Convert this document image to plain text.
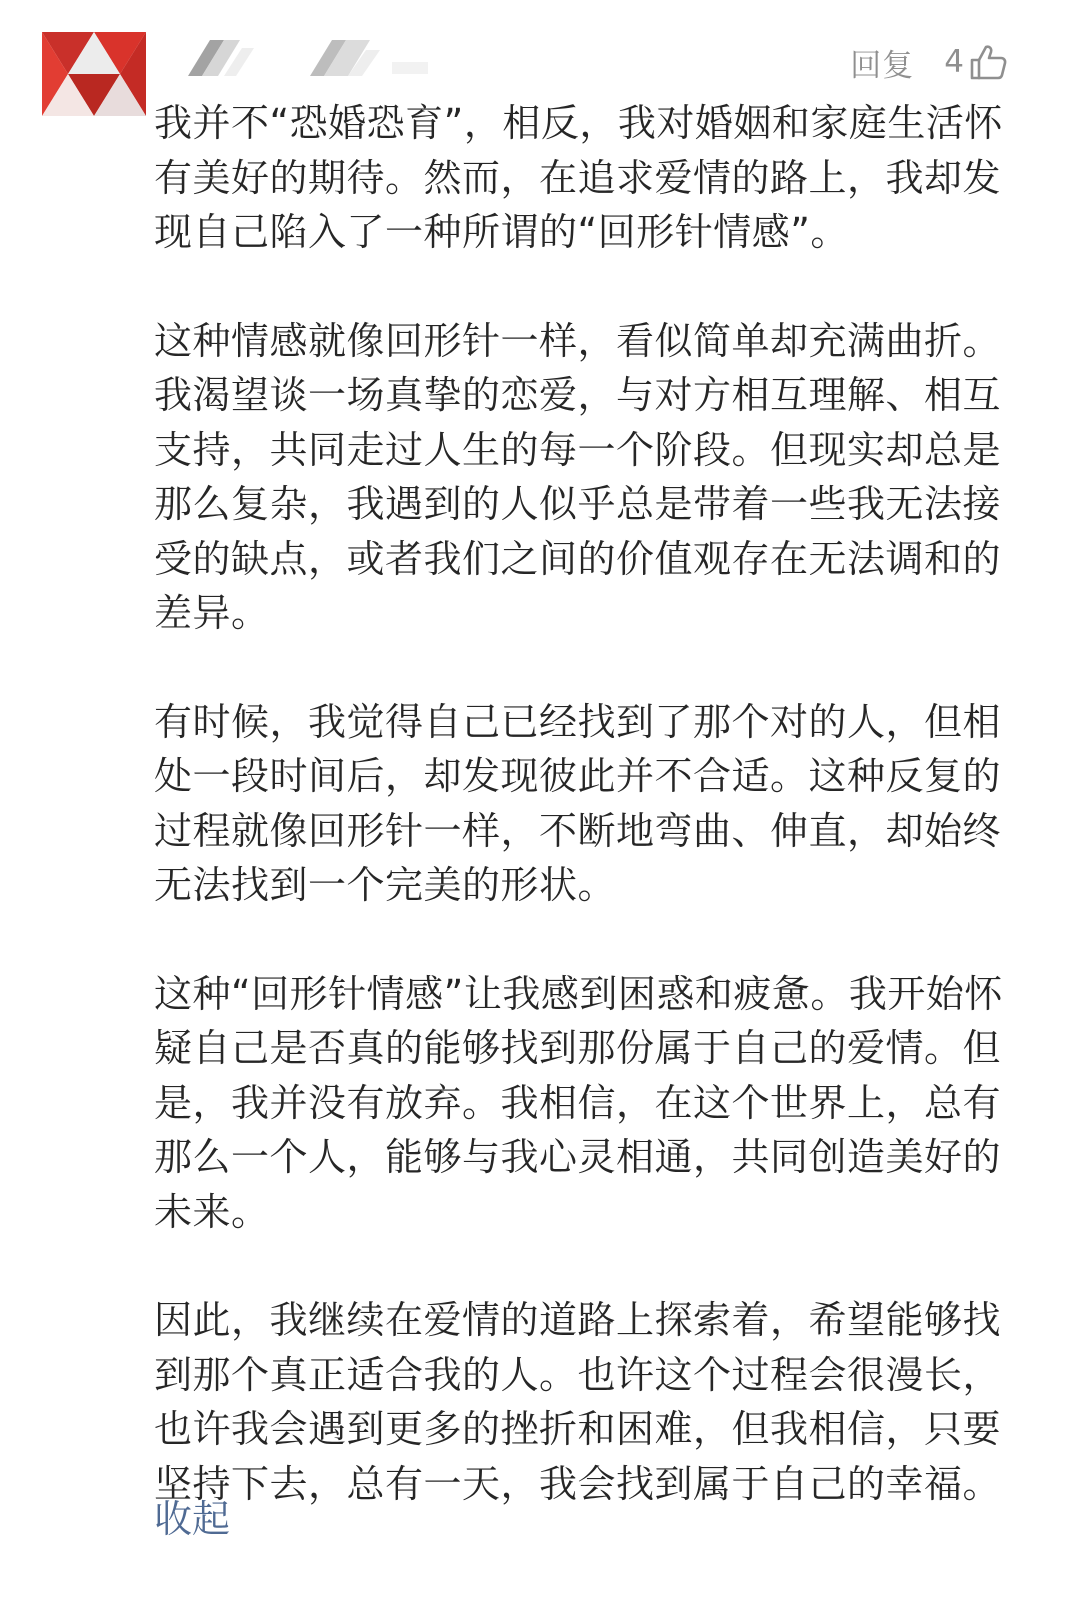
回复 4

我并不“恐婚恐育”，相反，我对婚姻和家庭生活怀有美好的期待。然而，在追求爱情的路上，我却发现自己陷入了一种所谓的“回形针情感”。

这种情感就像回形针一样，看似简单却充满曲折。我渴望谈一场真挚的恋爱，与对方相互理解、相互支持，共同走过人生的每一个阶段。但现实却总是那么复杂，我遇到的人似乎总是带着一些我无法接受的缺点，或者我们之间的价值观存在无法调和的差异。

有时候，我觉得自己已经找到了那个对的人，但相处一段时间后，却发现彼此并不合适。这种反复的过程就像回形针一样，不断地弯曲、伸直，却始终无法找到一个完美的形状。

这种“回形针情感”让我感到困惑和疲惫。我开始怀疑自己是否真的能够找到那份属于自己的爱情。但是，我并没有放弃。我相信，在这个世界上，总有那么一个人，能够与我心灵相通，共同创造美好的未来。

因此，我继续在爱情的道路上探索着，希望能够找到那个真正适合我的人。也许这个过程会很漫长，也许我会遇到更多的挫折和困难，但我相信，只要坚持下去，总有一天，我会找到属于自己的幸福。

收起
